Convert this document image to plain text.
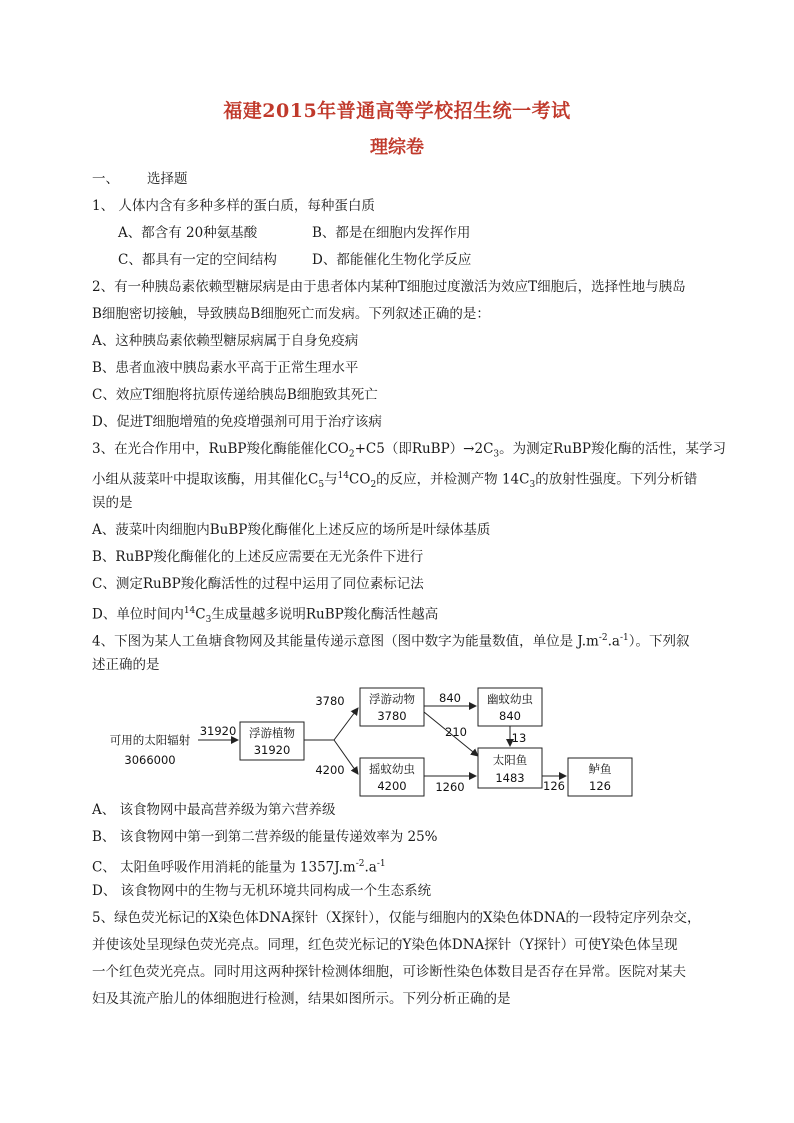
福建2015年普通高等学校招生统一考试
理综卷
一、 选择题
1、 人体内含有多种多样的蛋白质，每种蛋白质
A、都含有 20种氨基酸	B、都是在细胞内发挥作用
C、都具有一定的空间结构	D、都能催化生物化学反应
2、有一种胰岛素依赖型糖尿病是由于患者体内某种T细胞过度激活为效应T细胞后，选择性地与胰岛
B细胞密切接触，导致胰岛B细胞死亡而发病。下列叙述正确的是：
A、这种胰岛素依赖型糖尿病属于自身免疫病
B、患者血液中胰岛素水平高于正常生理水平
C、效应T细胞将抗原传递给胰岛B细胞致其死亡
D、促进T细胞增殖的免疫增强剂可用于治疗该病
3、在光合作用中，RuBP羧化酶能催化$CO_2+C5$（即$RuBP)\to 2C_3$。为测定RuBP羧化酶的活性，某学习
小组从菠菜叶中提取该酶，用其催化$C_5$与$^{14}CO_2$的反应，并检测产物 $14C_3$的放射性强度。下列分析错
误的是
A、菠菜叶肉细胞内BuBP羧化酶催化上述反应的场所是叶绿体基质
B、RuBP羧化酶催化的上述反应需要在无光条件下进行
C、测定RuBP羧化酶活性的过程中运用了同位素标记法
D、单位时间内$^{14}C_3$生成量越多说明RuBP羧化酶活性越高
4、下图为某人工鱼塘食物网及其能量传递示意图（图中数字为能量数值，单位是 $J.m^{-2}.a^{-1}$）。下列叙
述正确的是
可用的太阳辐射
3066000
31920 浮游植物
31920
3780
4200
浮游动物
3780
摇蚊幼虫
4200
840
210
幽蚊幼虫
840
13
1260
太阳鱼
1483
126
鲈鱼
126
A、 该食物网中最高营养级为第六营养级
B、 该食物网中第一到第二营养级的能量传递效率为 25%
C、 太阳鱼呼吸作用消耗的能量为 $1357J.m^{-2}.a^{-1}$
D、 该食物网中的生物与无机环境共同构成一个生态系统
5、绿色荧光标记的X染色体DNA探针（X探针），仅能与细胞内的X染色体DNA的一段特定序列杂交，
并使该处呈现绿色荧光亮点。同理，红色荧光标记的Y染色体DNA探针（Y探针）可使Y染色体呈现
一个红色荧光亮点。同时用这两种探针检测体细胞，可诊断性染色体数目是否存在异常。医院对某夫
妇及其流产胎儿的体细胞进行检测，结果如图所示。下列分析正确的是
